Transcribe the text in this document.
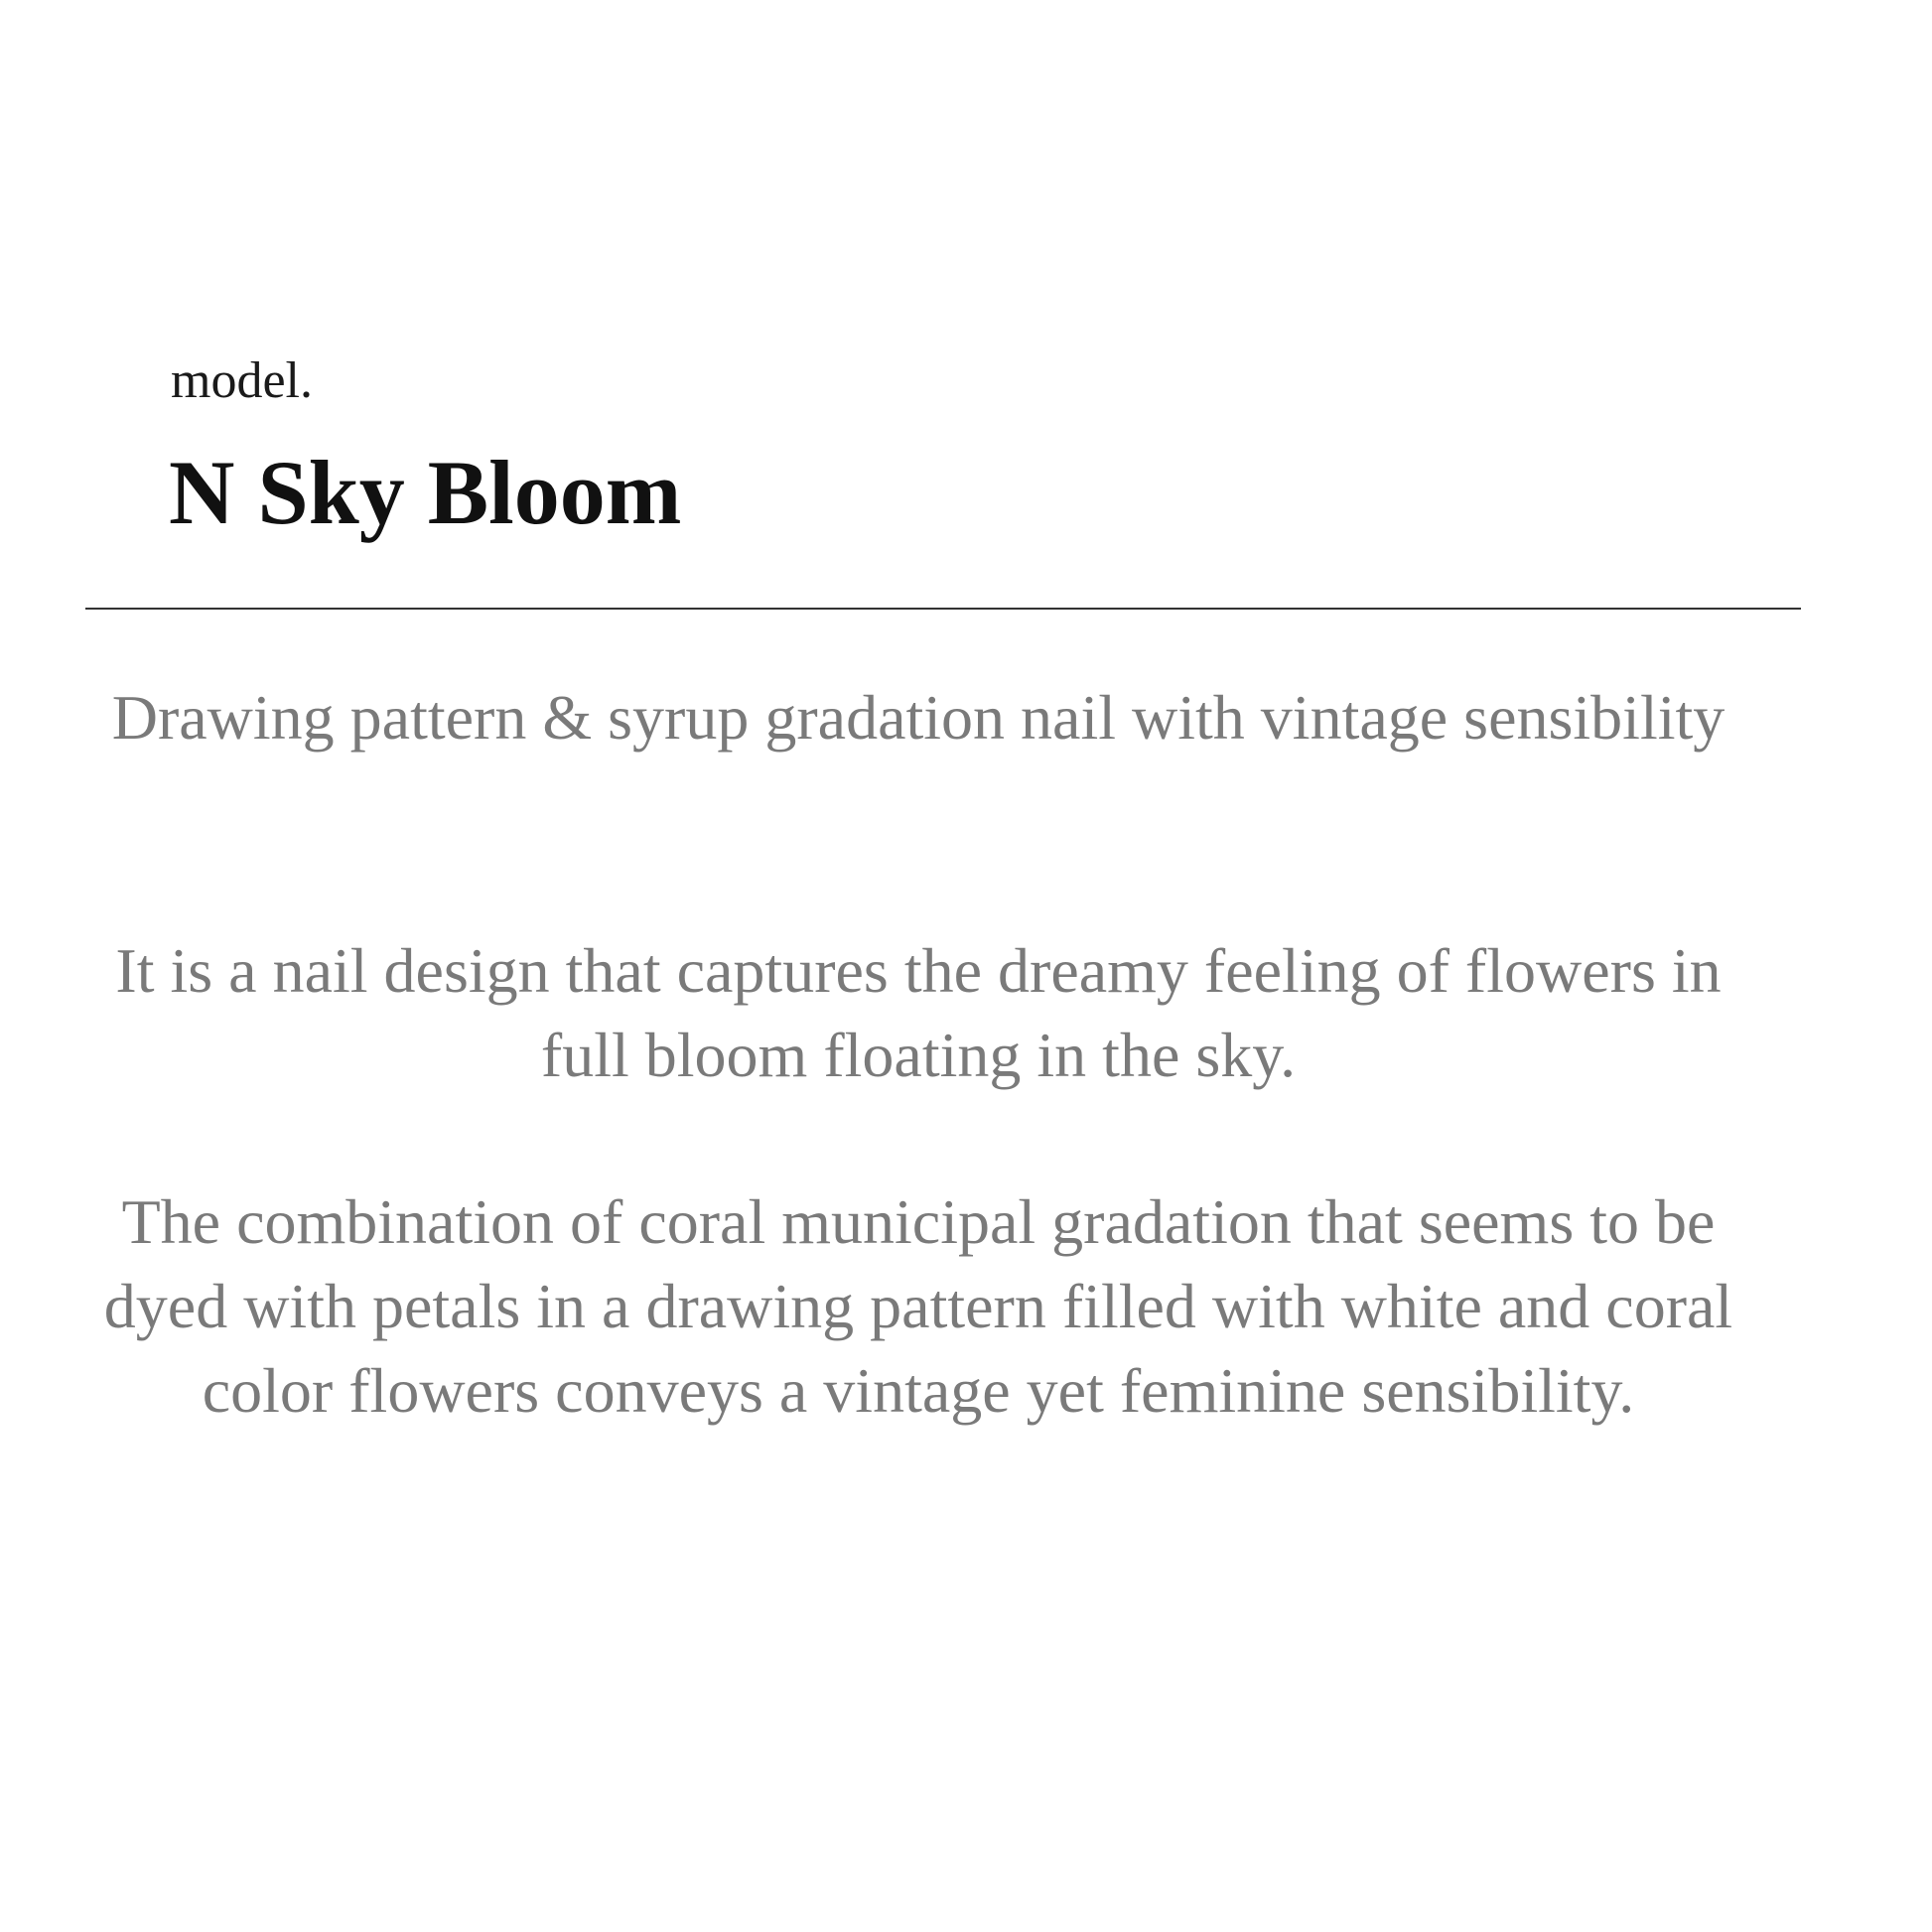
model.

N Sky Bloom

Drawing pattern & syrup gradation nail with vintage sensibility

It is a nail design that captures the dreamy feeling of flowers in full bloom floating in the sky.

The combination of coral municipal gradation that seems to be dyed with petals in a drawing pattern filled with white and coral color flowers conveys a vintage yet feminine sensibility.
